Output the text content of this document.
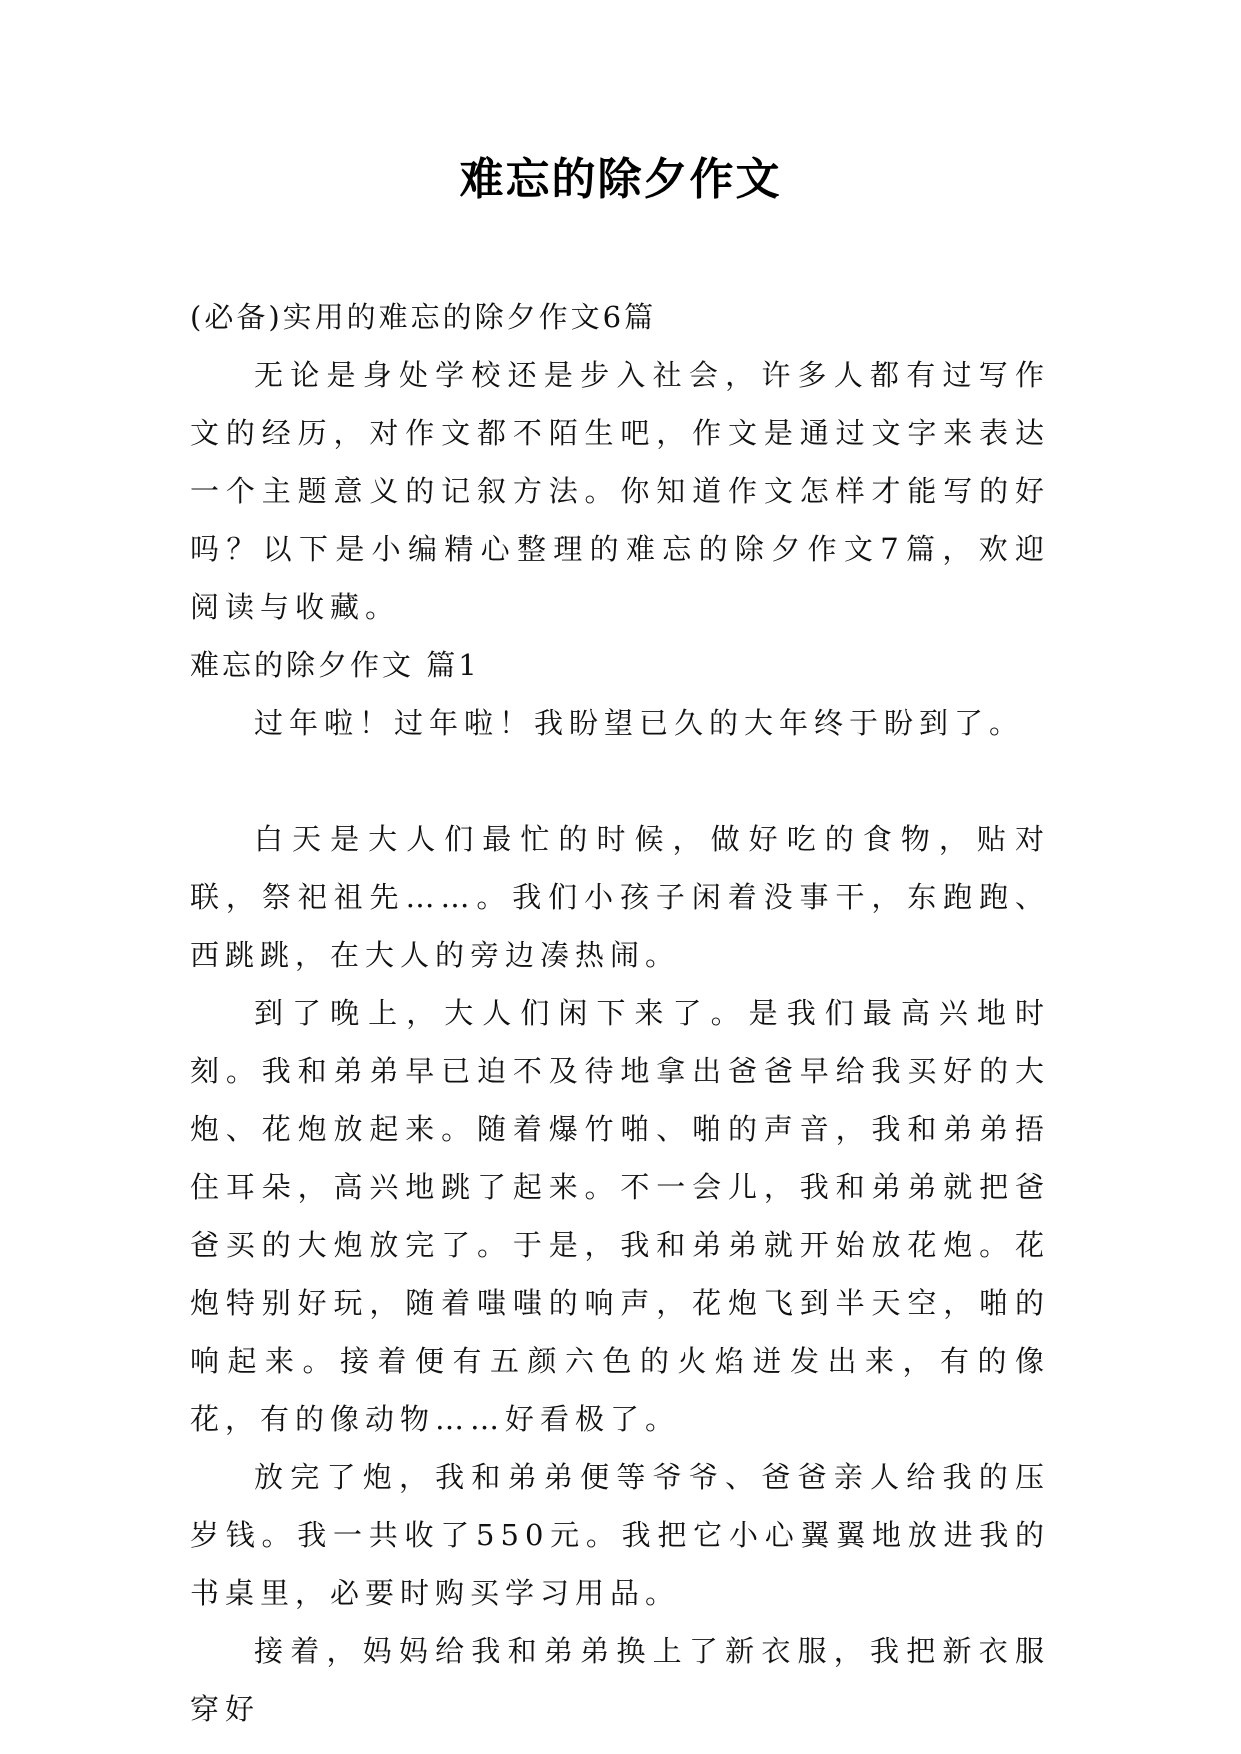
难忘的除夕作文

(必备)实用的难忘的除夕作文6篇

无论是身处学校还是步入社会，许多人都有过写作文的经历，对作文都不陌生吧，作文是通过文字来表达一个主题意义的记叙方法。你知道作文怎样才能写的好吗？以下是小编精心整理的难忘的除夕作文7篇，欢迎阅读与收藏。

难忘的除夕作文 篇1

过年啦！过年啦！我盼望已久的大年终于盼到了。

白天是大人们最忙的时候，做好吃的食物，贴对联，祭祀祖先……。我们小孩子闲着没事干，东跑跑、西跳跳，在大人的旁边凑热闹。

到了晚上，大人们闲下来了。是我们最高兴地时刻。我和弟弟早已迫不及待地拿出爸爸早给我买好的大炮、花炮放起来。随着爆竹啪、啪的声音，我和弟弟捂住耳朵，高兴地跳了起来。不一会儿，我和弟弟就把爸爸买的大炮放完了。于是，我和弟弟就开始放花炮。花炮特别好玩，随着嗤嗤的响声，花炮飞到半天空，啪的响起来。接着便有五颜六色的火焰迸发出来，有的像花，有的像动物……好看极了。

放完了炮，我和弟弟便等爷爷、爸爸亲人给我的压岁钱。我一共收了550元。我把它小心翼翼地放进我的书桌里，必要时购买学习用品。

接着，妈妈给我和弟弟换上了新衣服，我把新衣服穿好
